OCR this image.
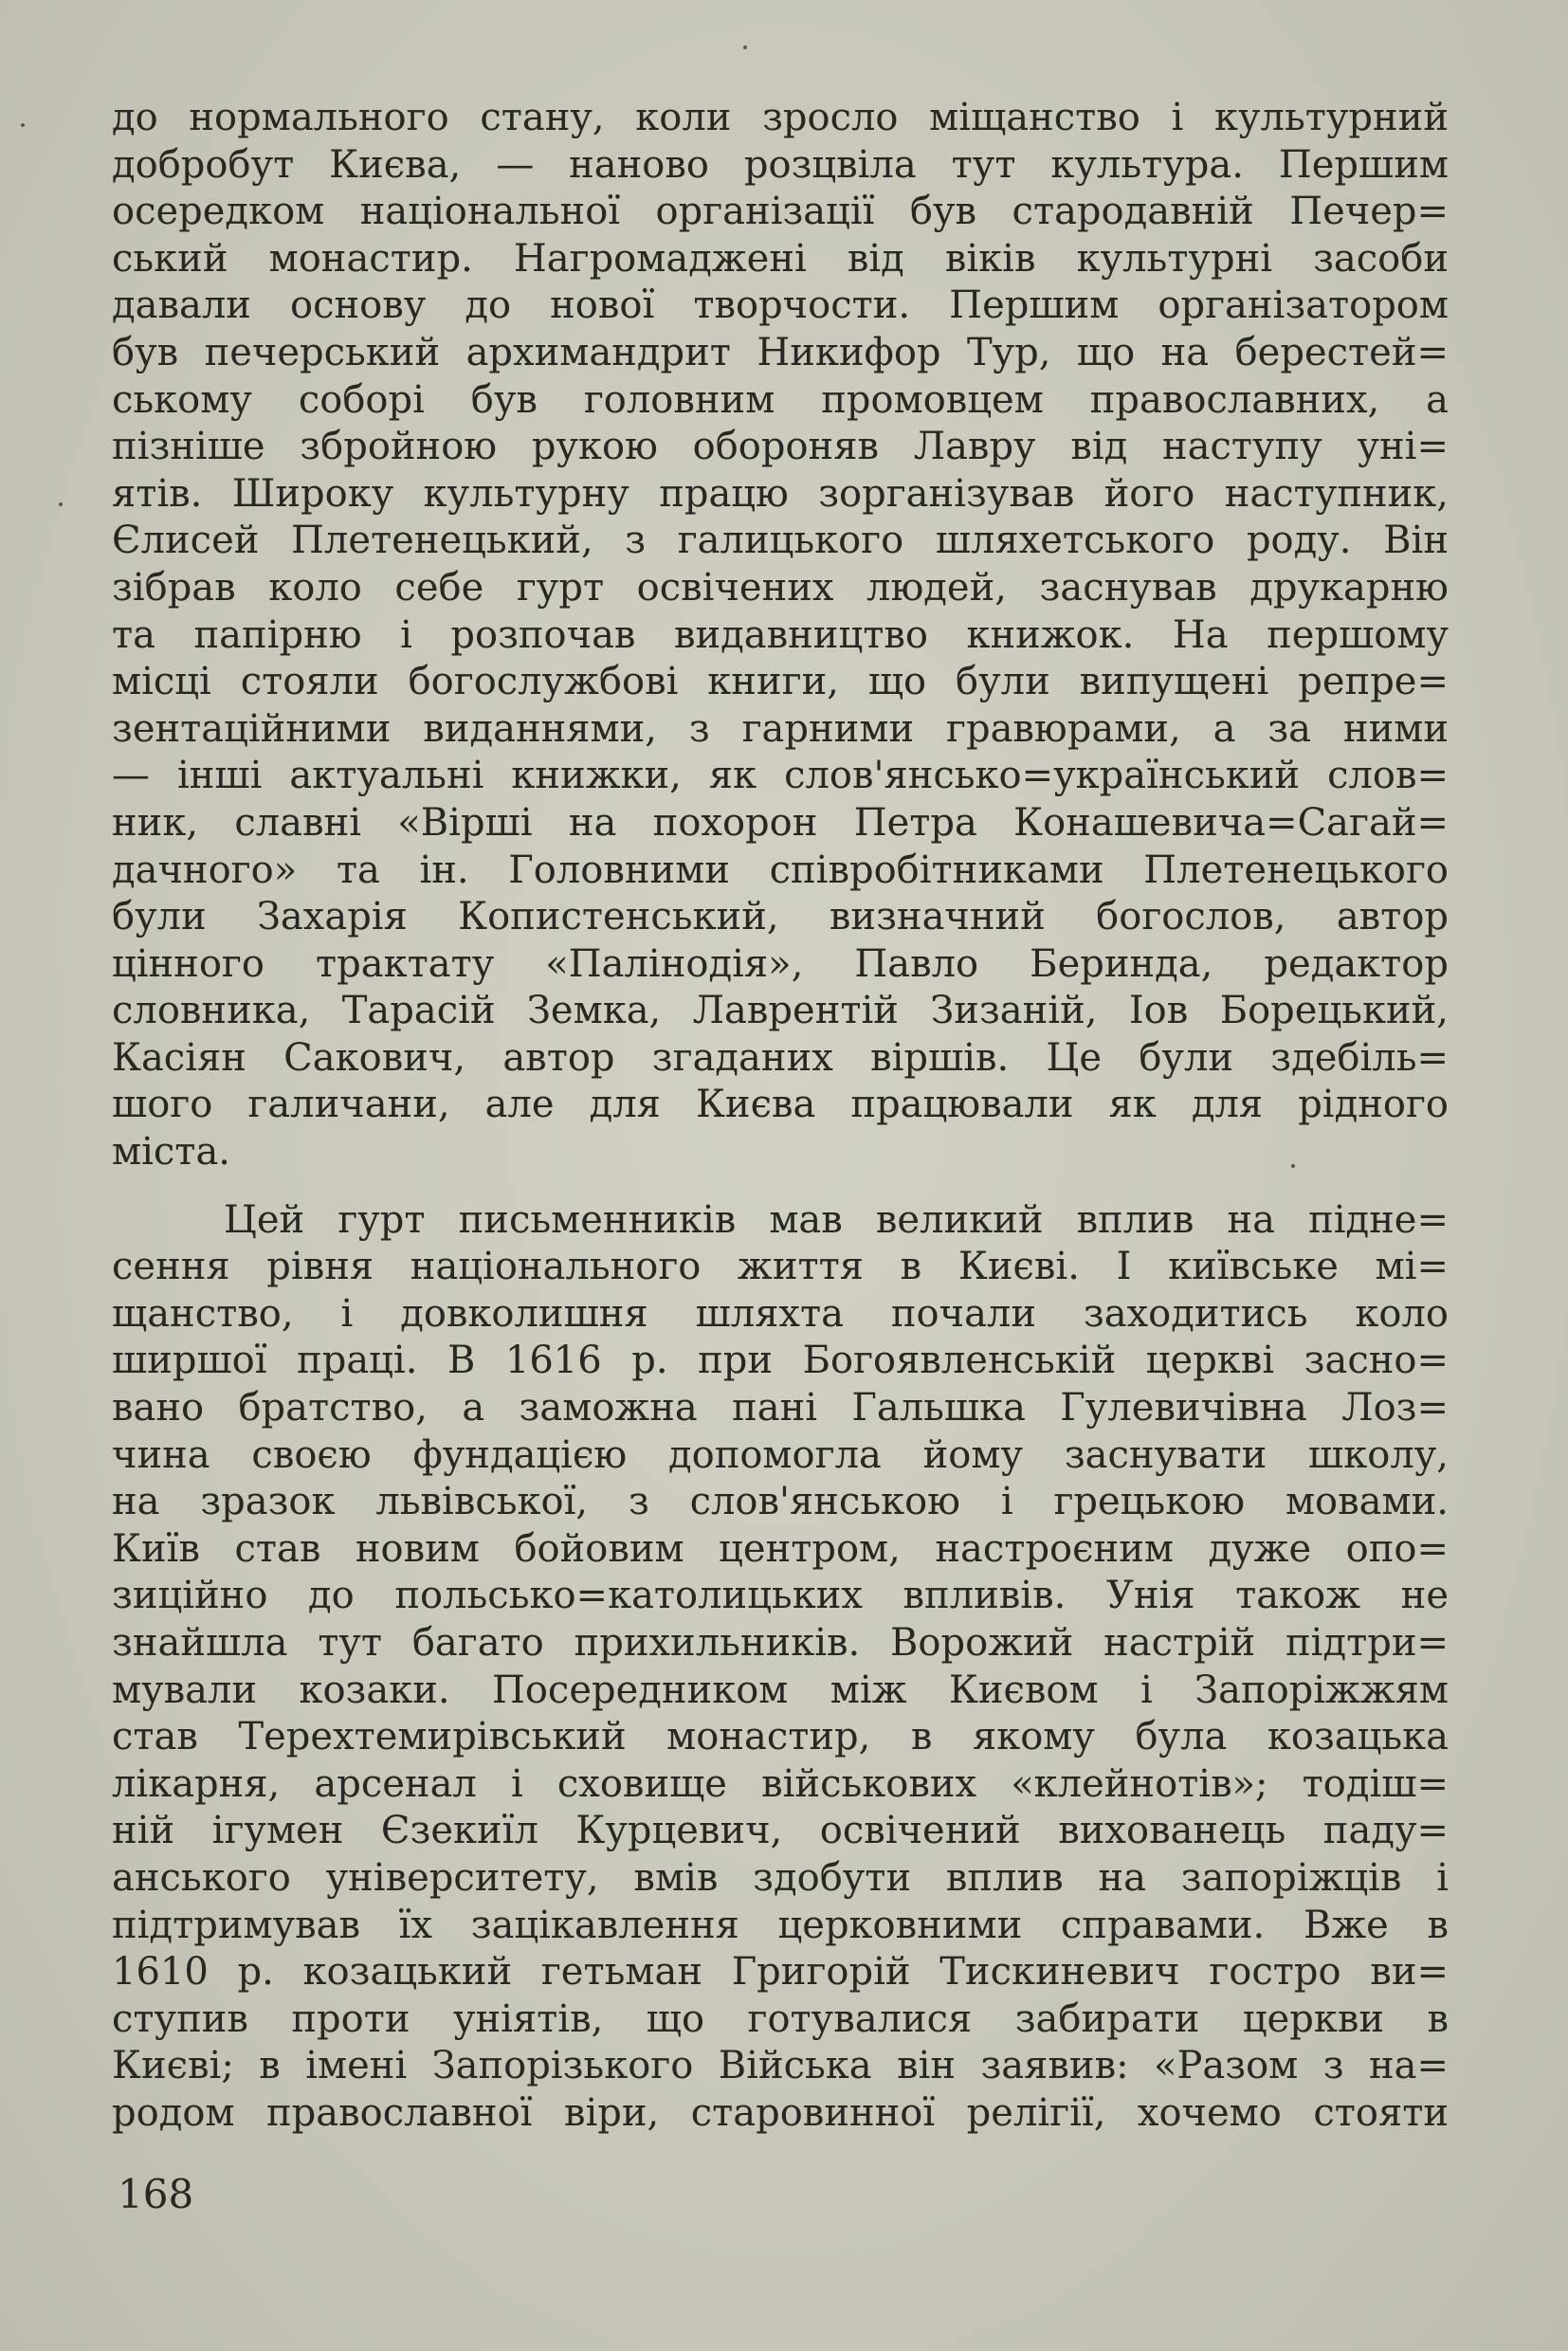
до нормального стану, коли зросло міщанство і культурний
добробут Києва, — наново розцвіла тут культура. Першим
осередком національної організації був стародавній Печер=
ський монастир. Нагромаджені від віків культурні засоби
давали основу до нової творчости. Першим організатором
був печерський архимандрит Никифор Тур, що на берестей=
ському соборі був головним промовцем православних, а
пізніше збройною рукою обороняв Лавру від наступу уні=
ятів. Широку культурну працю зорганізував його наступник,
Єлисей Плетенецький, з галицького шляхетського роду. Він
зібрав коло себе гурт освічених людей, заснував друкарню
та папірню і розпочав видавництво книжок. На першому
місці стояли богослужбові книги, що були випущені репре=
зентаційними виданнями, з гарними гравюрами, а за ними
— інші актуальні книжки, як слов'янсько=український слов=
ник, славні «Вірші на похорон Петра Конашевича=Сагай=
дачного» та ін. Головними співробітниками Плетенецького
були Захарія Копистенський, визначний богослов, автор
цінного трактату «Палінодія», Павло Беринда, редактор
словника, Тарасій Земка, Лаврентій Зизаній, Іов Борецький,
Касіян Сакович, автор згаданих віршів. Це були здебіль=
шого галичани, але для Києва працювали як для рідного
міста.
Цей гурт письменників мав великий вплив на підне=
сення рівня національного життя в Києві. І київське мі=
щанство, і довколишня шляхта почали заходитись коло
ширшої праці. В 1616 р. при Богоявленській церкві засно=
вано братство, а заможна пані Гальшка Гулевичівна Лоз=
чина своєю фундацією допомогла йому заснувати школу,
на зразок львівської, з слов'янською і грецькою мовами.
Київ став новим бойовим центром, настроєним дуже опо=
зиційно до польсько=католицьких впливів. Унія також не
знайшла тут багато прихильників. Ворожий настрій підтри=
мували козаки. Посередником між Києвом і Запоріжжям
став Терехтемирівський монастир, в якому була козацька
лікарня, арсенал і сховище військових «клейнотів»; тодіш=
ній ігумен Єзекиїл Курцевич, освічений вихованець паду=
анського університету, вмів здобути вплив на запоріжців і
підтримував їх зацікавлення церковними справами. Вже в
1610 р. козацький гетьман Григорій Тискиневич гостро ви=
ступив проти уніятів, що готувалися забирати церкви в
Києві; в імені Запорізького Війська він заявив: «Разом з на=
родом православної віри, старовинної релігії, хочемо стояти
168
